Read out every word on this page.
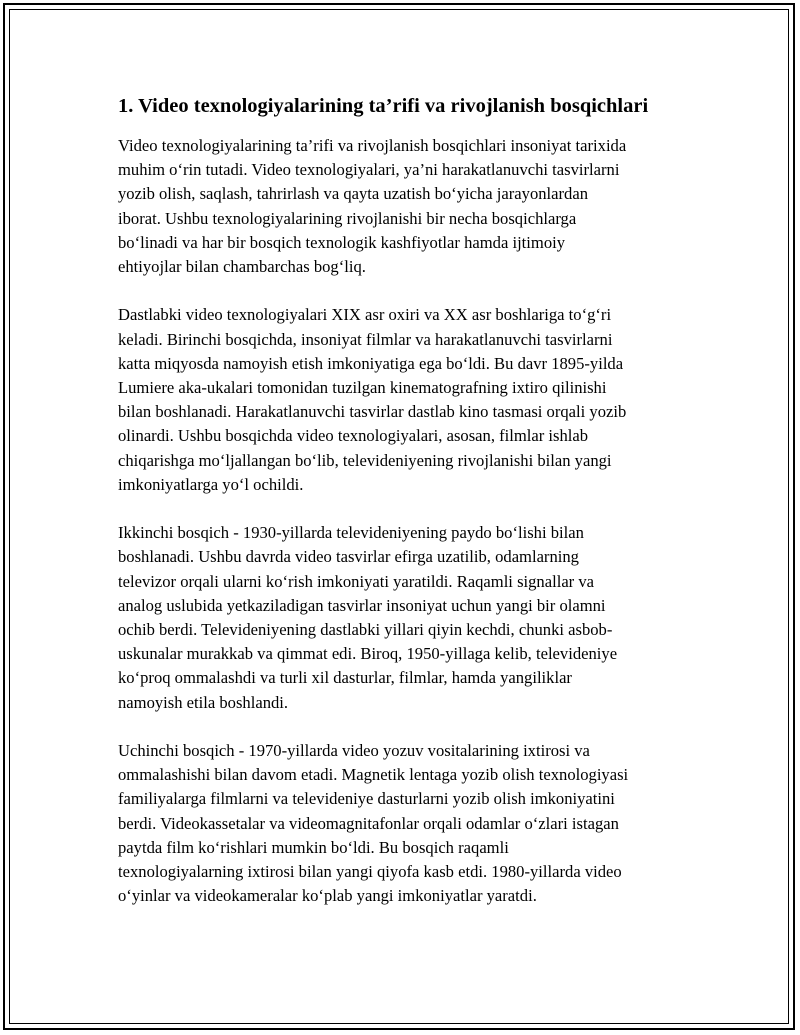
1. Video texnologiyalarining ta’rifi va rivojlanish bosqichlari

Video texnologiyalarining ta’rifi va rivojlanish bosqichlari insoniyat tarixida
muhim o‘rin tutadi. Video texnologiyalari, ya’ni harakatlanuvchi tasvirlarni
yozib olish, saqlash, tahrirlash va qayta uzatish bo‘yicha jarayonlardan
iborat. Ushbu texnologiyalarining rivojlanishi bir necha bosqichlarga
bo‘linadi va har bir bosqich texnologik kashfiyotlar hamda ijtimoiy
ehtiyojlar bilan chambarchas bog‘liq.

Dastlabki video texnologiyalari XIX asr oxiri va XX asr boshlariga to‘g‘ri
keladi. Birinchi bosqichda, insoniyat filmlar va harakatlanuvchi tasvirlarni
katta miqyosda namoyish etish imkoniyatiga ega bo‘ldi. Bu davr 1895-yilda
Lumiere aka-ukalari tomonidan tuzilgan kinematografning ixtiro qilinishi
bilan boshlanadi. Harakatlanuvchi tasvirlar dastlab kino tasmasi orqali yozib
olinardi. Ushbu bosqichda video texnologiyalari, asosan, filmlar ishlab
chiqarishga mo‘ljallangan bo‘lib, televideniyening rivojlanishi bilan yangi
imkoniyatlarga yo‘l ochildi.

Ikkinchi bosqich - 1930-yillarda televideniyening paydo bo‘lishi bilan
boshlanadi. Ushbu davrda video tasvirlar efirga uzatilib, odamlarning
televizor orqali ularni ko‘rish imkoniyati yaratildi. Raqamli signallar va
analog uslubida yetkaziladigan tasvirlar insoniyat uchun yangi bir olamni
ochib berdi. Televideniyening dastlabki yillari qiyin kechdi, chunki asbob-
uskunalar murakkab va qimmat edi. Biroq, 1950-yillaga kelib, televideniye
ko‘proq ommalashdi va turli xil dasturlar, filmlar, hamda yangiliklar
namoyish etila boshlandi.

Uchinchi bosqich - 1970-yillarda video yozuv vositalarining ixtirosi va
ommalashishi bilan davom etadi. Magnetik lentaga yozib olish texnologiyasi
familiyalarga filmlarni va televideniye dasturlarni yozib olish imkoniyatini
berdi. Videokassetalar va videomagnitafonlar orqali odamlar o‘zlari istagan
paytda film ko‘rishlari mumkin bo‘ldi. Bu bosqich raqamli
texnologiyalarning ixtirosi bilan yangi qiyofa kasb etdi. 1980-yillarda video
o‘yinlar va videokameralar ko‘plab yangi imkoniyatlar yaratdi.
